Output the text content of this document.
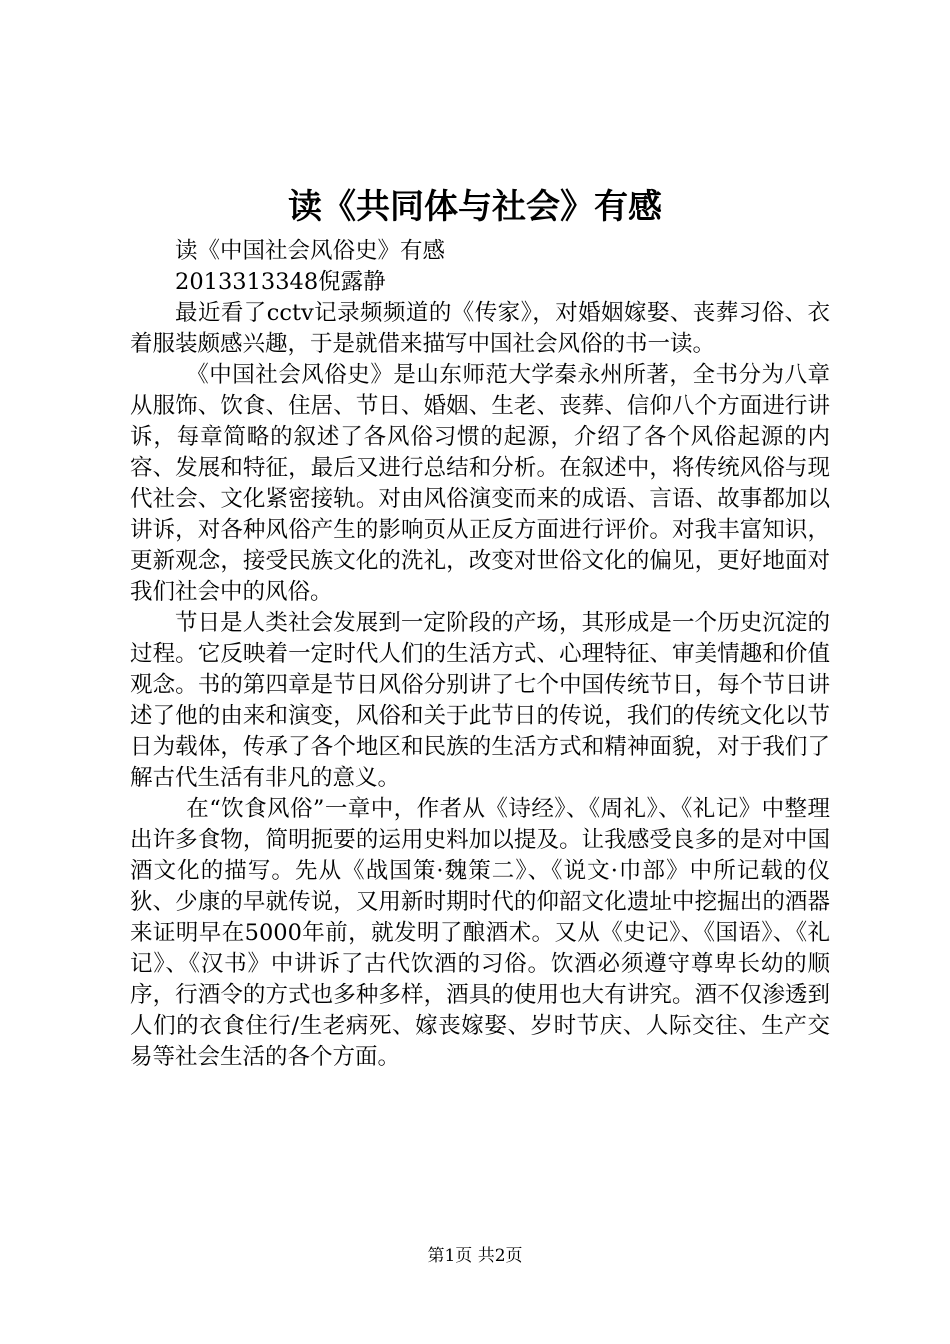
读《共同体与社会》有感

读《中国社会风俗史》有感

2013313348倪露静

最近看了cctv记录频频道的《传家》，对婚姻嫁娶、丧葬习俗、衣着服装颇感兴趣，于是就借来描写中国社会风俗的书一读。

《中国社会风俗史》是山东师范大学秦永州所著，全书分为八章从服饰、饮食、住居、节日、婚姻、生老、丧葬、信仰八个方面进行讲诉，每章简略的叙述了各风俗习惯的起源，介绍了各个风俗起源的内容、发展和特征，最后又进行总结和分析。在叙述中，将传统风俗与现代社会、文化紧密接轨。对由风俗演变而来的成语、言语、故事都加以讲诉，对各种风俗产生的影响页从正反方面进行评价。对我丰富知识，更新观念，接受民族文化的洗礼，改变对世俗文化的偏见，更好地面对我们社会中的风俗。

节日是人类社会发展到一定阶段的产场，其形成是一个历史沉淀的过程。它反映着一定时代人们的生活方式、心理特征、审美情趣和价值观念。书的第四章是节日风俗分别讲了七个中国传统节日，每个节日讲述了他的由来和演变，风俗和关于此节日的传说，我们的传统文化以节日为载体，传承了各个地区和民族的生活方式和精神面貌，对于我们了解古代生活有非凡的意义。

在“饮食风俗”一章中，作者从《诗经》、《周礼》、《礼记》中整理出许多食物，简明扼要的运用史料加以提及。让我感受良多的是对中国酒文化的描写。先从《战国策·魏策二》、《说文·巾部》中所记载的仪狄、少康的早就传说，又用新时期时代的仰韶文化遗址中挖掘出的酒器来证明早在5000年前，就发明了酿酒术。又从《史记》、《国语》、《礼记》、《汉书》中讲诉了古代饮酒的习俗。饮酒必须遵守尊卑长幼的顺序，行酒令的方式也多种多样，酒具的使用也大有讲究。酒不仅渗透到人们的衣食住行/生老病死、嫁丧嫁娶、岁时节庆、人际交往、生产交易等社会生活的各个方面。

第1页 共2页
